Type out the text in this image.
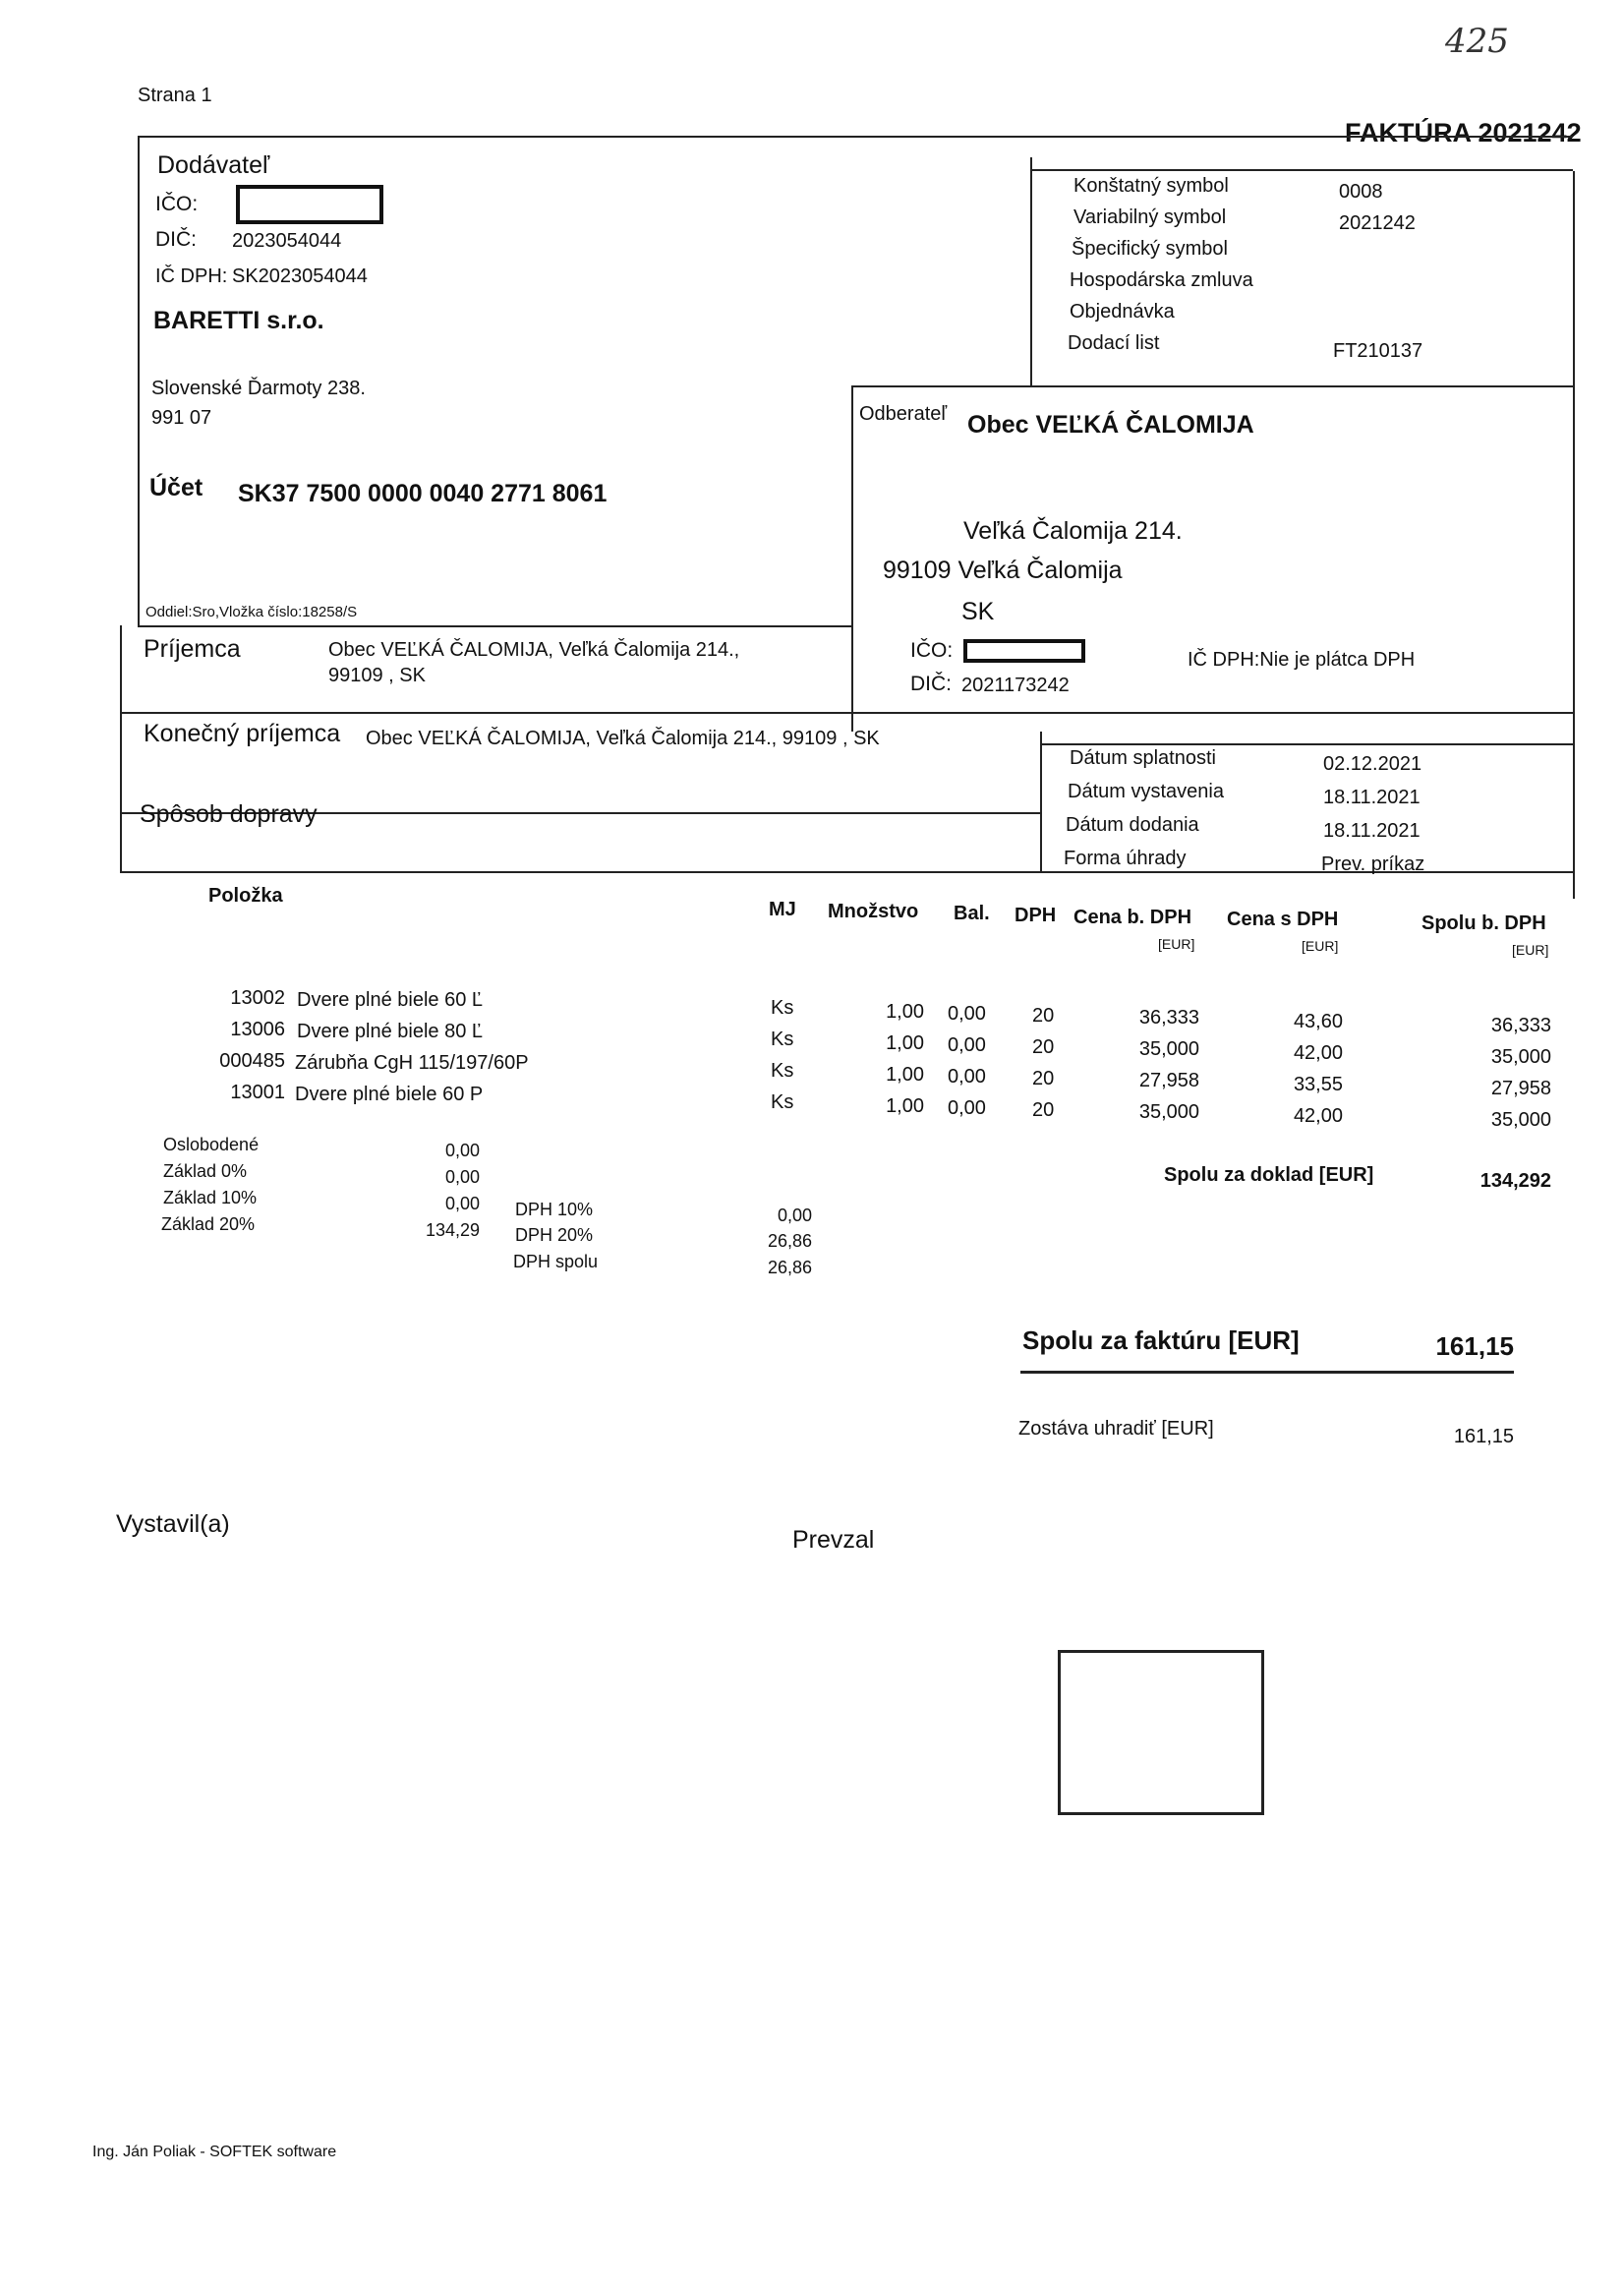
425
Strana 1
FAKTÚRA 2021242
Dodávateľ
IČO:
DIČ: 2023054044
IČ DPH: SK2023054044
BARETTI s.r.o.
Slovenské Ďarmoty 238.
991 07
Účet SK37 7500 0000 0040 2771 8061
Oddiel:Sro,Vložka číslo:18258/S
Konštatný symbol	0008
Variabilný symbol	2021242
Špecifický symbol
Hospodárska zmluva
Objednávka
Dodací list	FT210137
Odberateľ Obec VEĽKÁ ČALOMIJA
Veľká Čalomija 214.
99109 Veľká Čalomija
SK
IČO:
DIČ: 2021173242
IČ DPH:Nie je plátca DPH
Príjemca	Obec VEĽKÁ ČALOMIJA, Veľká Čalomija 214.,
99109 , SK
Konečný príjemca Obec VEĽKÁ ČALOMIJA, Veľká Čalomija 214., 99109 , SK
Spôsob dopravy
Dátum splatnosti	02.12.2021
Dátum vystavenia	18.11.2021
Dátum dodania	18.11.2021
Forma úhrady	Prev. príkaz
Položka
MJ Množstvo Bal. DPH Cena b. DPH
[EUR]
Cena s DPH
[EUR]
Spolu b. DPH
[EUR]
13002 Dvere plné biele 60 Ľ	Ks	1,00 0,00 20	36,333	43,60	36,333
13006 Dvere plné biele 80 Ľ	Ks	1,00 0,00 20	35,000	42,00	35,000
000485 Zárubňa CgH 115/197/60P	Ks	1,00 0,00 20	27,958	33,55	27,958
13001 Dvere plné biele 60 P	Ks	1,00 0,00 20	35,000	42,00	35,000
Oslobodené	0,00
Základ 0%	0,00
Základ 10%	0,00
Základ 20%	134,29
DPH 10%	0,00
DPH 20%	26,86
DPH spolu	26,86
Spolu za doklad [EUR]	134,292
Spolu za faktúru [EUR]	161,15
Zostáva uhradiť [EUR]	161,15
Vystavil(a)
Prevzal
Ing. Ján Poliak - SOFTEK software
